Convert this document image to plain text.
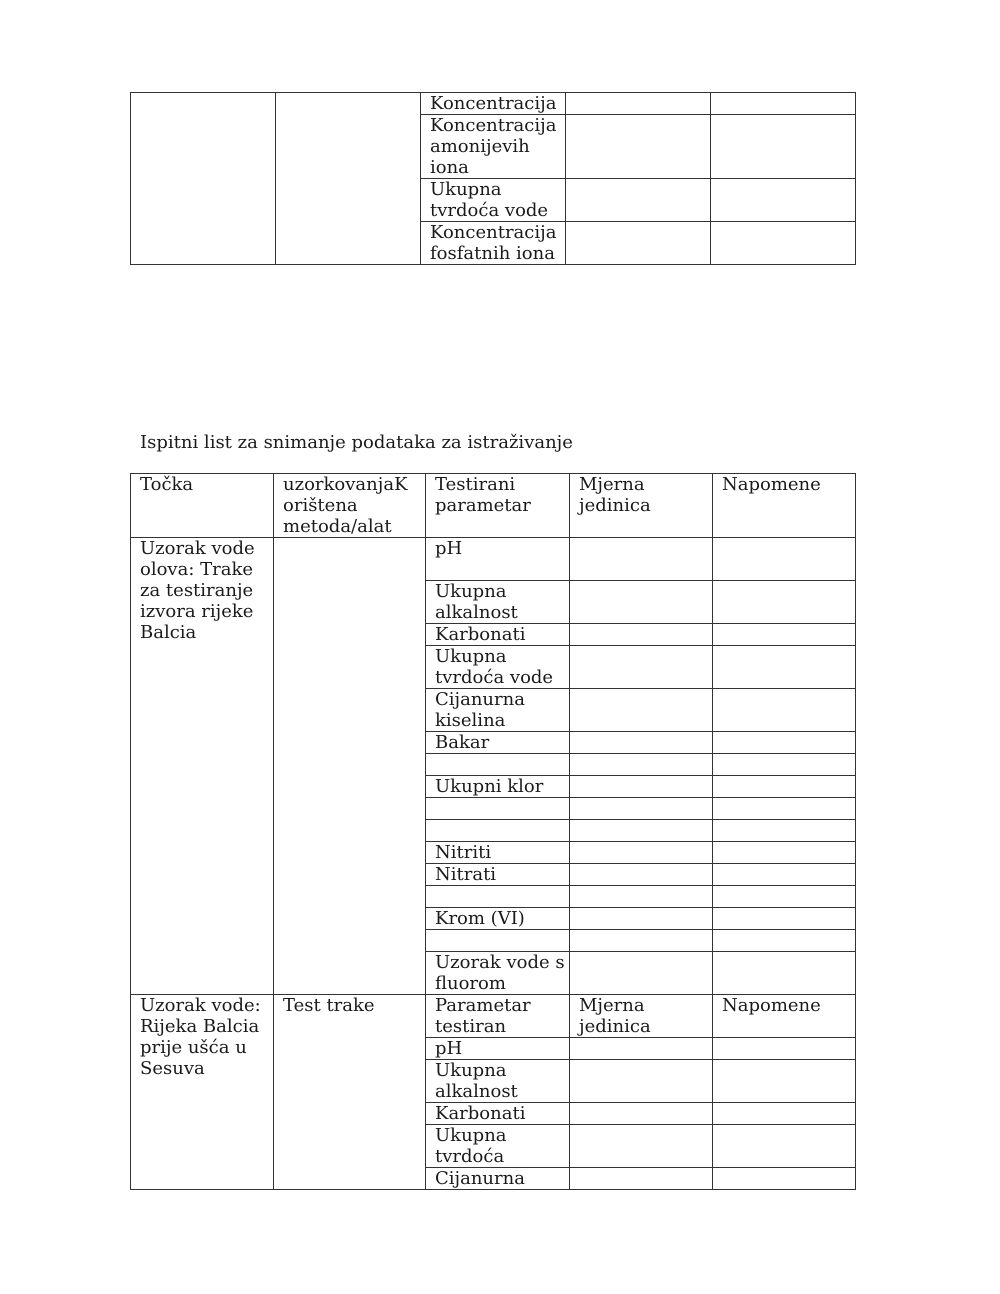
		Koncentracija		
		Koncentracija amonijevih iona		
		Ukupna tvrdoća vode		
		Koncentracija fosfatnih iona		
Ispitni list za snimanje podataka za istraživanje
Točka	uzorkovanjaK orištena metoda/alat	Testirani parametar	Mjerna jedinica	Napomene
Uzorak vode olova: Trake za testiranje izvora rijeke Balcia		pH		
		Ukupna alkalnost		
		Karbonati		
		Ukupna tvrdoća vode		
		Cijanurna kiselina		
		Bakar		

		Ukupni klor		

		Nitriti		
		Nitrati		

		Krom (VI)		

		Uzorak vode s fluorom		
Uzorak vode: Rijeka Balcia prije ušća u Sesuva	Test trake	Parametar testiran	Mjerna jedinica	Napomene
		pH		
		Ukupna alkalnost		
		Karbonati		
		Ukupna tvrdoća		
		Cijanurna		
